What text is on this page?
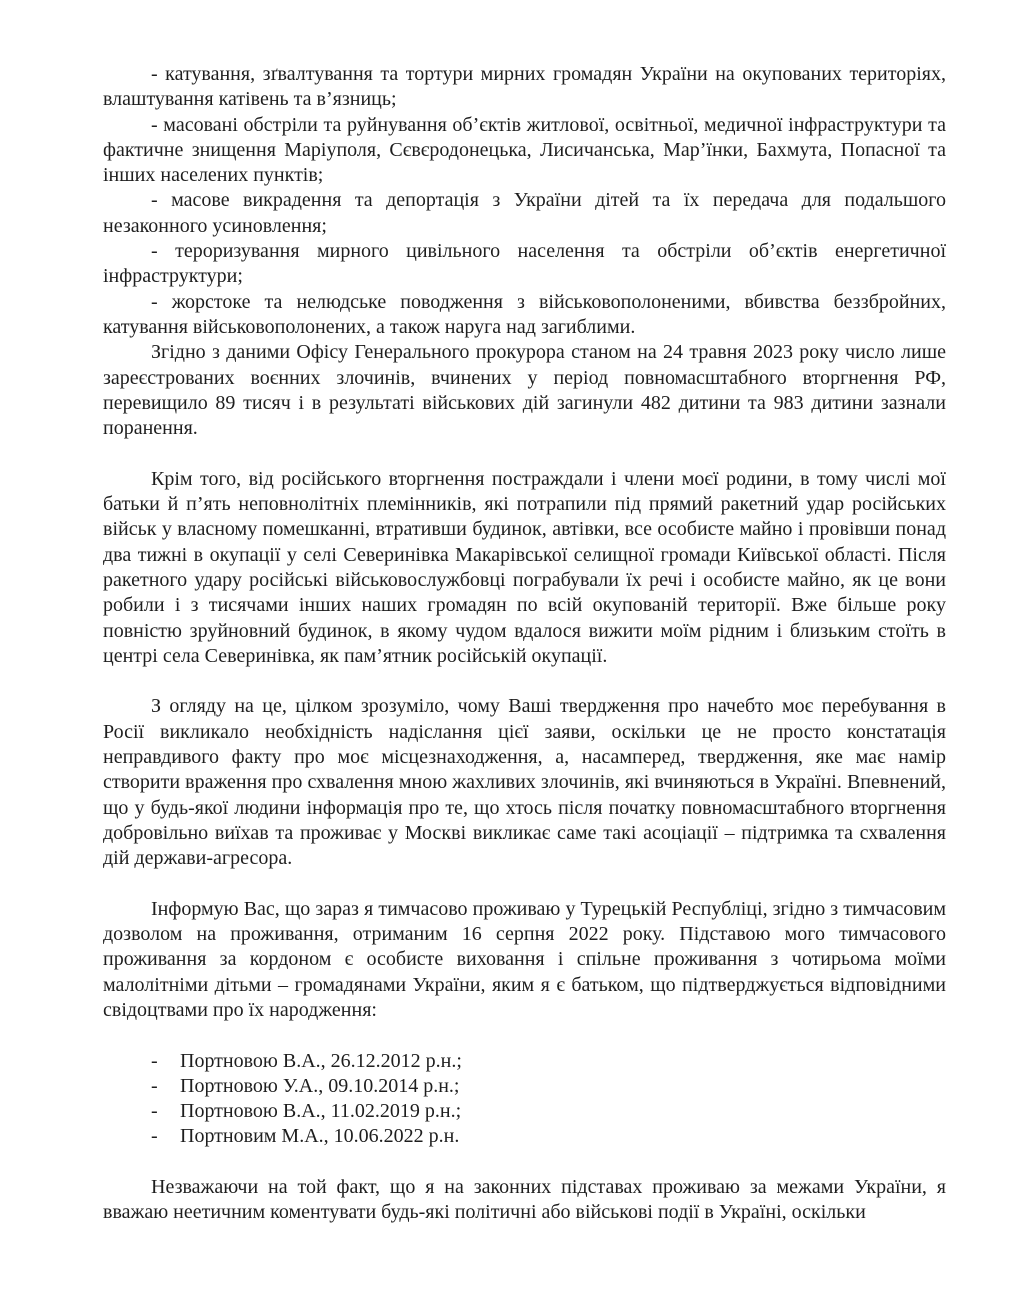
- катування, зґвалтування та тортури мирних громадян України на окупованих територіях, влаштування катівень та в’язниць;

- масовані обстріли та руйнування об’єктів житлової, освітньої, медичної інфраструктури та фактичне знищення Маріуполя, Сєвєродонецька, Лисичанська, Мар’їнки, Бахмута, Попасної та інших населених пунктів;

- масове викрадення та депортація з України дітей та їх передача для подальшого незаконного усиновлення;

- тероризування мирного цивільного населення та обстріли об’єктів енергетичної інфраструктури;

- жорстоке та нелюдське поводження з військовополоненими, вбивства беззбройних, катування військовополонених, а також наруга над загиблими.

Згідно з даними Офісу Генерального прокурора станом на 24 травня 2023 року число лише зареєстрованих воєнних злочинів, вчинених у період повномасштабного вторгнення РФ, перевищило 89 тисяч і в результаті військових дій загинули 482 дитини та 983 дитини зазнали поранення.

Крім того, від російського вторгнення постраждали і члени моєї родини, в тому числі мої батьки й п’ять неповнолітніх племінників, які потрапили під прямий ракетний удар російських військ у власному помешканні, втративши будинок, автівки, все особисте майно і провівши понад два тижні в окупації у селі Северинівка Макарівської селищної громади Київської області. Після ракетного удару російські військовослужбовці пограбували їх речі і особисте майно, як це вони робили і з тисячами інших наших громадян по всій окупованій території. Вже більше року повністю зруйновний будинок, в якому чудом вдалося вижити моїм рідним і близьким стоїть в центрі села Северинівка, як пам’ятник російській окупації.

З огляду на це, цілком зрозуміло, чому Ваші твердження про начебто моє перебування в Росії викликало необхідність надіслання цієї заяви, оскільки це не просто констатація неправдивого факту про моє місцезнаходження, а, насамперед, твердження, яке має намір створити враження про схвалення мною жахливих злочинів, які вчиняються в Україні. Впевнений, що у будь-якої людини інформація про те, що хтось після початку повномасштабного вторгнення добровільно виїхав та проживає у Москві викликає саме такі асоціації – підтримка та схвалення дій держави-агресора.

Інформую Вас, що зараз я тимчасово проживаю у Турецькій Республіці, згідно з тимчасовим дозволом на проживання, отриманим 16 серпня 2022 року. Підставою мого тимчасового проживання за кордоном є особисте виховання і спільне проживання з чотирьома моїми малолітніми дітьми – громадянами України, яким я є батьком, що підтверджується відповідними свідоцтвами про їх народження:

-	Портновою В.А., 26.12.2012 р.н.;
-	Портновою У.А., 09.10.2014 р.н.;
-	Портновою В.А., 11.02.2019 р.н.;
-	Портновим М.А., 10.06.2022 р.н.

Незважаючи на той факт, що я на законних підставах проживаю за межами України, я вважаю неетичним коментувати будь-які політичні або військові події в Україні, оскільки
